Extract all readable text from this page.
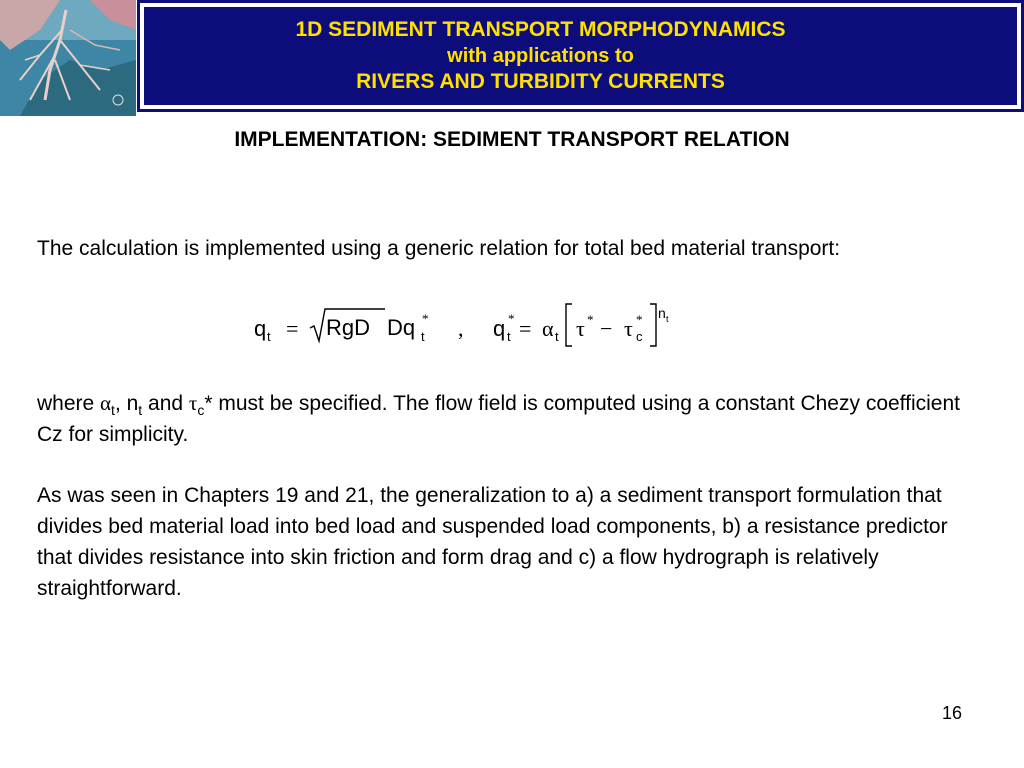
1D SEDIMENT TRANSPORT MORPHODYNAMICS
with applications to
RIVERS AND TURBIDITY CURRENTS
IMPLEMENTATION: SEDIMENT TRANSPORT RELATION
The calculation is implemented using a generic relation for total bed material transport:
q t = RgD Dq *
t , q *
t = α t τ * − τ *
c
n t
where $\alpha_t$, $n_t$ and $\tau_c*$ must be specified. The flow field is computed using a constant Chezy coefficient Cz for simplicity.
As was seen in Chapters 19 and 21, the generalization to a) a sediment transport formulation that divides bed material load into bed load and suspended load components, b) a resistance predictor that divides resistance into skin friction and form drag and c) a flow hydrograph is relatively straightforward.
16
